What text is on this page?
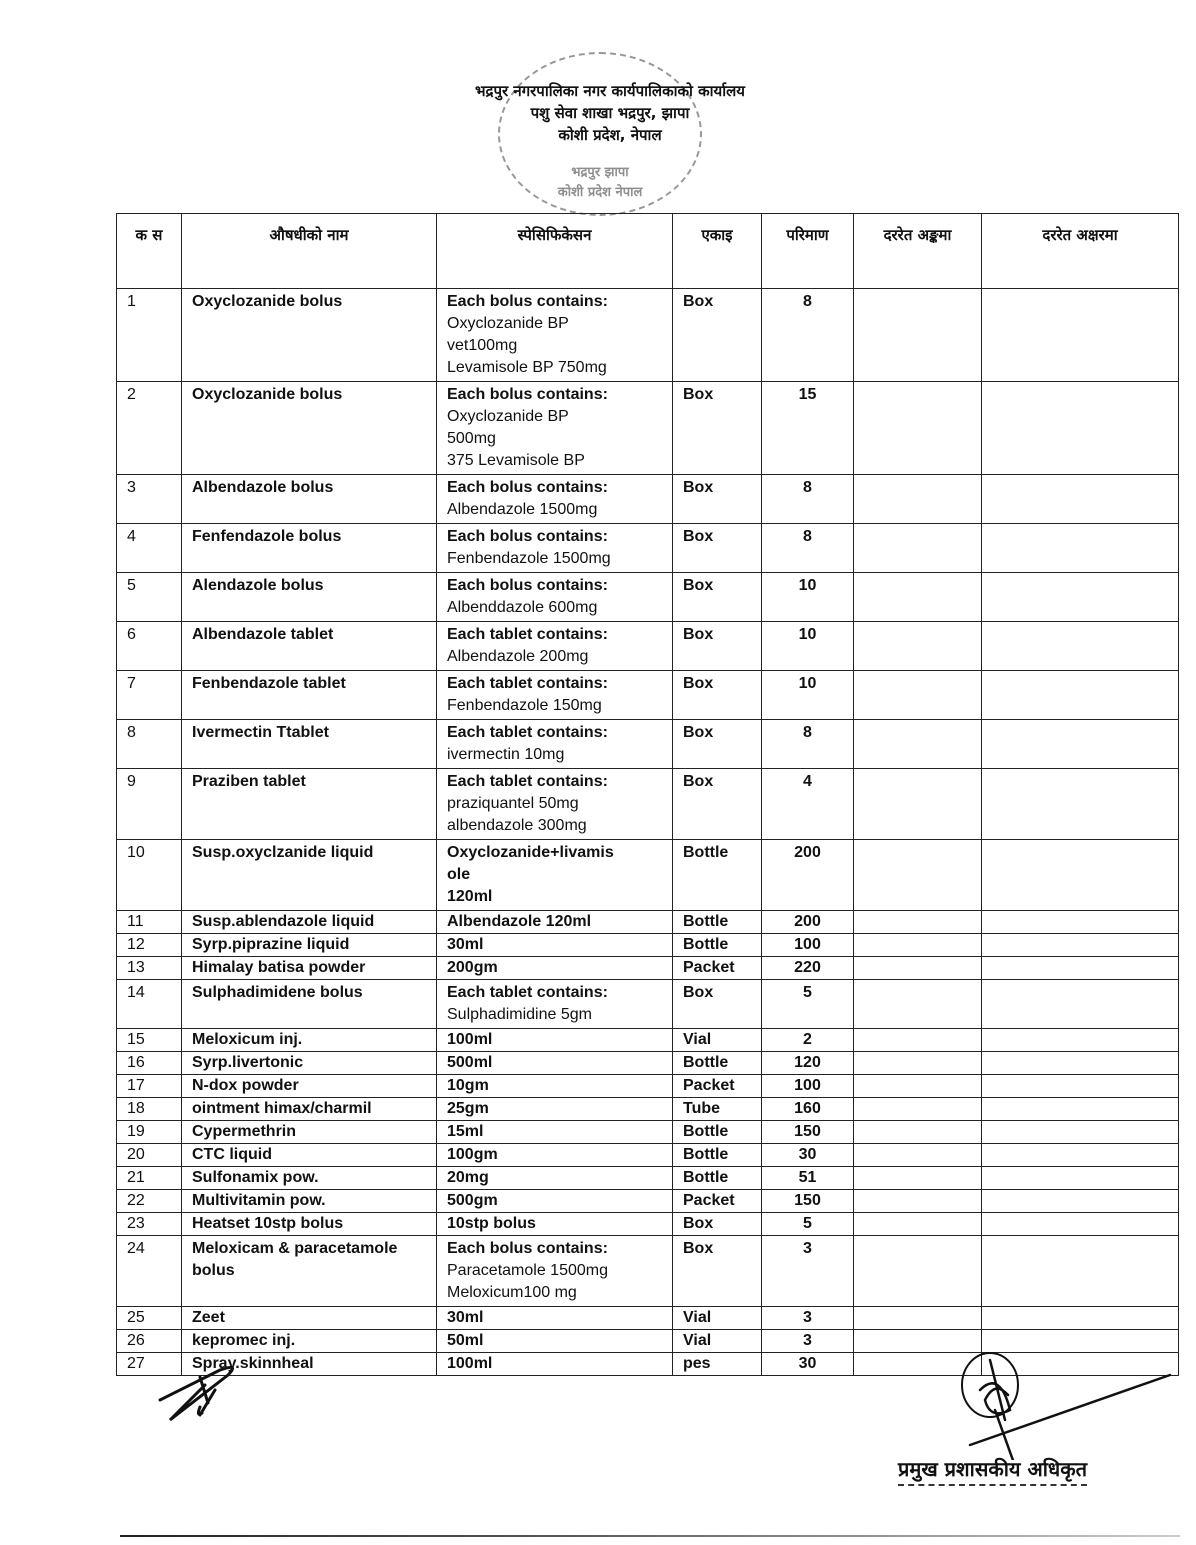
भद्रपुर झापा
कोशी प्रदेश नेपाल
भद्रपुर नगरपालिका नगर कार्यपालिकाको कार्यालय
पशु सेवा शाखा भद्रपुर, झापा
कोशी प्रदेश, नेपाल
क स	औषधीको नाम	स्पेसिफिकेसन	एकाइ	परिमाण	दररेत अङ्कमा	दररेत अक्षरमा
1	Oxyclozanide bolus	Each bolus contains:
Oxyclozanide BP
vet100mg
Levamisole BP 750mg	Box	8		
2	Oxyclozanide bolus	Each bolus contains:
Oxyclozanide BP
500mg
375 Levamisole BP	Box	15		
3	Albendazole bolus	Each bolus contains:
Albendazole 1500mg	Box	8		
4	Fenfendazole bolus	Each bolus contains:
Fenbendazole 1500mg	Box	8		
5	Alendazole bolus	Each bolus contains:
Albenddazole 600mg	Box	10		
6	Albendazole tablet	Each tablet contains:
Albendazole 200mg	Box	10		
7	Fenbendazole tablet	Each tablet contains:
Fenbendazole 150mg	Box	10		
8	Ivermectin Ttablet	Each tablet contains:
ivermectin 10mg	Box	8		
9	Praziben tablet	Each tablet contains:
praziquantel 50mg
albendazole 300mg	Box	4		
10	Susp.oxyclzanide liquid	Oxyclozanide+livamis
ole
120ml	Bottle	200		
11	Susp.ablendazole liquid	Albendazole 120ml	Bottle	200		
12	Syrp.piprazine liquid	30ml	Bottle	100		
13	Himalay batisa powder	200gm	Packet	220		
14	Sulphadimidene bolus	Each tablet contains:
Sulphadimidine 5gm	Box	5		
15	Meloxicum inj.	100ml	Vial	2		
16	Syrp.livertonic	500ml	Bottle	120		
17	N-dox powder	10gm	Packet	100		
18	ointment himax/charmil	25gm	Tube	160		
19	Cypermethrin	15ml	Bottle	150		
20	CTC liquid	100gm	Bottle	30		
21	Sulfonamix pow.	20mg	Bottle	51		
22	Multivitamin pow.	500gm	Packet	150		
23	Heatset 10stp bolus	10stp bolus	Box	5		
24	Meloxicam & paracetamole bolus	Each bolus contains:
Paracetamole 1500mg
Meloxicum100 mg	Box	3		
25	Zeet	30ml	Vial	3		
26	kepromec inj.	50ml	Vial	3		
27	Spray.skinnheal	100ml	pes	30		
प्रमुख प्रशासकीय अधिकृत
